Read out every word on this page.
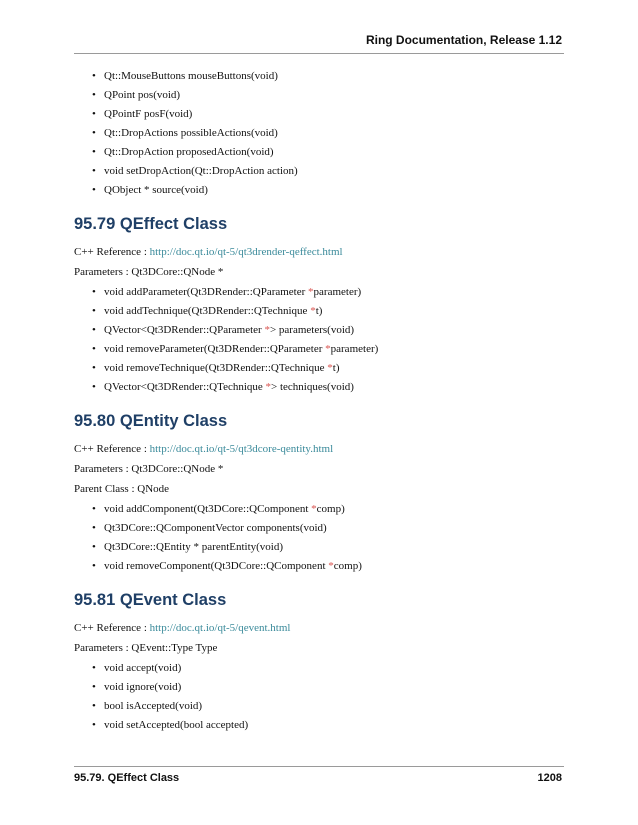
Ring Documentation, Release 1.12
• Qt::MouseButtons mouseButtons(void)
• QPoint pos(void)
• QPointF posF(void)
• Qt::DropActions possibleActions(void)
• Qt::DropAction proposedAction(void)
• void setDropAction(Qt::DropAction action)
• QObject * source(void)
95.79 QEffect Class

C++ Reference : http://doc.qt.io/qt-5/qt3drender-qeffect.html

Parameters : Qt3DCore::QNode *

• void addParameter(Qt3DRender::QParameter *parameter)
• void addTechnique(Qt3DRender::QTechnique *t)
• QVector<Qt3DRender::QParameter *> parameters(void)
• void removeParameter(Qt3DRender::QParameter *parameter)
• void removeTechnique(Qt3DRender::QTechnique *t)
• QVector<Qt3DRender::QTechnique *> techniques(void)
95.80 QEntity Class

C++ Reference : http://doc.qt.io/qt-5/qt3dcore-qentity.html

Parameters : Qt3DCore::QNode *

Parent Class : QNode

• void addComponent(Qt3DCore::QComponent *comp)
• Qt3DCore::QComponentVector components(void)
• Qt3DCore::QEntity * parentEntity(void)
• void removeComponent(Qt3DCore::QComponent *comp)
95.81 QEvent Class

C++ Reference : http://doc.qt.io/qt-5/qevent.html

Parameters : QEvent::Type Type

• void accept(void)
• void ignore(void)
• bool isAccepted(void)
• void setAccepted(bool accepted)
95.79. QEffect Class	1208
